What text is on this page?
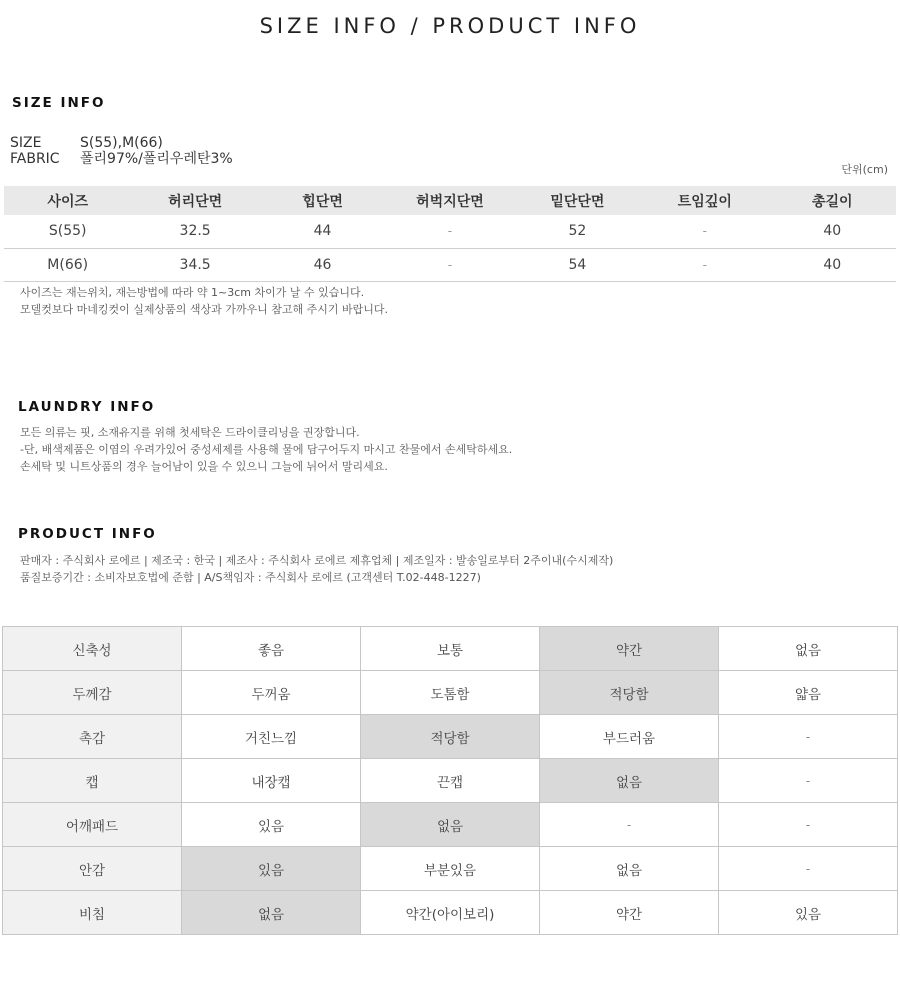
SIZE INFO / PRODUCT INFO
SIZE INFO
SIZE	S(55),M(66)
FABRIC	폴리97%/폴리우레탄3%
단위(cm)
사이즈	허리단면	힙단면	허벅지단면	밑단단면	트임깊이	총길이
S(55)	32.5	44	-	52	-	40
M(66)	34.5	46	-	54	-	40

사이즈는 재는위치, 재는방법에 따라 약 1~3cm 차이가 날 수 있습니다.

모델컷보다 마네킹컷이 실제상품의 색상과 가까우니 참고해 주시기 바랍니다.

LAUNDRY INFO

모든 의류는 핏, 소재유지를 위해 첫세탁은 드라이클리닝을 권장합니다.

-단, 배색제품은 이염의 우려가있어 중성세제를 사용해 물에 담구어두지 마시고 찬물에서 손세탁하세요.

손세탁 및 니트상품의 경우 늘어남이 있을 수 있으니 그늘에 뉘어서 말리세요.

PRODUCT INFO

판매자 : 주식회사 로에르 | 제조국 : 한국 | 제조사 : 주식회사 로에르 제휴업체 | 제조일자 : 발송일로부터 2주이내(수시제작)

품질보증기간 : 소비자보호법에 준함 | A/S책임자 : 주식회사 로에르 (고객센터 T.02-448-1227)

신축성	좋음	보통	약간	없음
두께감	두꺼움	도톰함	적당함	얇음
촉감	거친느낌	적당함	부드러움	-
캡	내장캡	끈캡	없음	-
어깨패드	있음	없음	-	-
안감	있음	부분있음	없음	-
비침	없음	약간(아이보리)	약간	있음
